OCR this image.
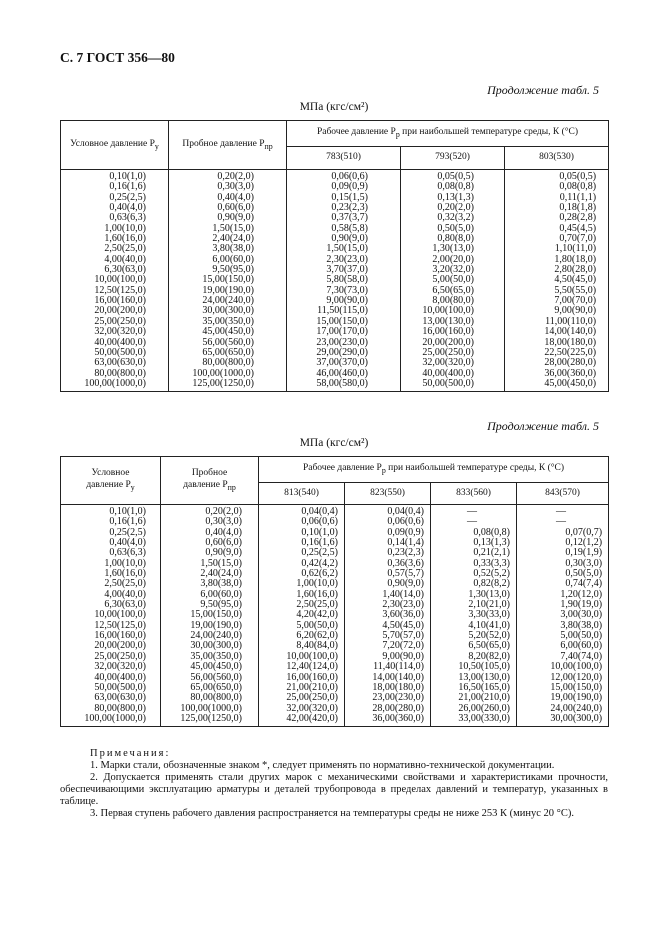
С. 7 ГОСТ 356—80
Продолжение табл. 5
МПа (кгс/см²)
Условное давление $P_y$	Пробное давление $P_{пр}$	Рабочее давление $P_р$ при наибольшей температуре среды, К (°С)		
		783(510)	793(520)	803(530)
0,10(1,0)	0,20(2,0)	0,06(0,6)	0,05(0,5)	0,05(0,5)
0,16(1,6)	0,30(3,0)	0,09(0,9)	0,08(0,8)	0,08(0,8)
0,25(2,5)	0,40(4,0)	0,15(1,5)	0,13(1,3)	0,11(1,1)
0,40(4,0)	0,60(6,0)	0,23(2,3)	0,20(2,0)	0,18(1,8)
0,63(6,3)	0,90(9,0)	0,37(3,7)	0,32(3,2)	0,28(2,8)
1,00(10,0)	1,50(15,0)	0,58(5,8)	0,50(5,0)	0,45(4,5)
1,60(16,0)	2,40(24,0)	0,90(9,0)	0,80(8,0)	0,70(7,0)
2,50(25,0)	3,80(38,0)	1,50(15,0)	1,30(13,0)	1,10(11,0)
4,00(40,0)	6,00(60,0)	2,30(23,0)	2,00(20,0)	1,80(18,0)
6,30(63,0)	9,50(95,0)	3,70(37,0)	3,20(32,0)	2,80(28,0)
10,00(100,0)	15,00(150,0)	5,80(58,0)	5,00(50,0)	4,50(45,0)
12,50(125,0)	19,00(190,0)	7,30(73,0)	6,50(65,0)	5,50(55,0)
16,00(160,0)	24,00(240,0)	9,00(90,0)	8,00(80,0)	7,00(70,0)
20,00(200,0)	30,00(300,0)	11,50(115,0)	10,00(100,0)	9,00(90,0)
25,00(250,0)	35,00(350,0)	15,00(150,0)	13,00(130,0)	11,00(110,0)
32,00(320,0)	45,00(450,0)	17,00(170,0)	16,00(160,0)	14,00(140,0)
40,00(400,0)	56,00(560,0)	23,00(230,0)	20,00(200,0)	18,00(180,0)
50,00(500,0)	65,00(650,0)	29,00(290,0)	25,00(250,0)	22,50(225,0)
63,00(630,0)	80,00(800,0)	37,00(370,0)	32,00(320,0)	28,00(280,0)
80,00(800,0)	100,00(1000,0)	46,00(460,0)	40,00(400,0)	36,00(360,0)
100,00(1000,0)	125,00(1250,0)	58,00(580,0)	50,00(500,0)	45,00(450,0)
Продолжение табл. 5
МПа (кгс/см²)
Условное
давление $P_y$	Пробное
давление $P_{пр}$	Рабочее давление $P_р$ при наибольшей температуре среды, К (°С)			
		813(540)	823(550)	833(560)	843(570)
0,10(1,0)	0,20(2,0)	0,04(0,4)	0,04(0,4)	—	—
0,16(1,6)	0,30(3,0)	0,06(0,6)	0,06(0,6)	—	—
0,25(2,5)	0,40(4,0)	0,10(1,0)	0,09(0,9)	0,08(0,8)	0,07(0,7)
0,40(4,0)	0,60(6,0)	0,16(1,6)	0,14(1,4)	0,13(1,3)	0,12(1,2)
0,63(6,3)	0,90(9,0)	0,25(2,5)	0,23(2,3)	0,21(2,1)	0,19(1,9)
1,00(10,0)	1,50(15,0)	0,42(4,2)	0,36(3,6)	0,33(3,3)	0,30(3,0)
1,60(16,0)	2,40(24,0)	0,62(6,2)	0,57(5,7)	0,52(5,2)	0,50(5,0)
2,50(25,0)	3,80(38,0)	1,00(10,0)	0,90(9,0)	0,82(8,2)	0,74(7,4)
4,00(40,0)	6,00(60,0)	1,60(16,0)	1,40(14,0)	1,30(13,0)	1,20(12,0)
6,30(63,0)	9,50(95,0)	2,50(25,0)	2,30(23,0)	2,10(21,0)	1,90(19,0)
10,00(100,0)	15,00(150,0)	4,20(42,0)	3,60(36,0)	3,30(33,0)	3,00(30,0)
12,50(125,0)	19,00(190,0)	5,00(50,0)	4,50(45,0)	4,10(41,0)	3,80(38,0)
16,00(160,0)	24,00(240,0)	6,20(62,0)	5,70(57,0)	5,20(52,0)	5,00(50,0)
20,00(200,0)	30,00(300,0)	8,40(84,0)	7,20(72,0)	6,50(65,0)	6,00(60,0)
25,00(250,0)	35,00(350,0)	10,00(100,0)	9,00(90,0)	8,20(82,0)	7,40(74,0)
32,00(320,0)	45,00(450,0)	12,40(124,0)	11,40(114,0)	10,50(105,0)	10,00(100,0)
40,00(400,0)	56,00(560,0)	16,00(160,0)	14,00(140,0)	13,00(130,0)	12,00(120,0)
50,00(500,0)	65,00(650,0)	21,00(210,0)	18,00(180,0)	16,50(165,0)	15,00(150,0)
63,00(630,0)	80,00(800,0)	25,00(250,0)	23,00(230,0)	21,00(210,0)	19,00(190,0)
80,00(800,0)	100,00(1000,0)	32,00(320,0)	28,00(280,0)	26,00(260,0)	24,00(240,0)
100,00(1000,0)	125,00(1250,0)	42,00(420,0)	36,00(360,0)	33,00(330,0)	30,00(300,0)
Примечания:

1. Марки стали, обозначенные знаком *, следует применять по нормативно-технической документации.

2. Допускается применять стали других марок с механическими свойствами и характеристиками прочности, обеспечивающими эксплуатацию арматуры и деталей трубопровода в пределах давлений и температур, указанных в таблице.

3. Первая ступень рабочего давления распространяется на температуры среды не ниже 253 К (минус 20 °С).
